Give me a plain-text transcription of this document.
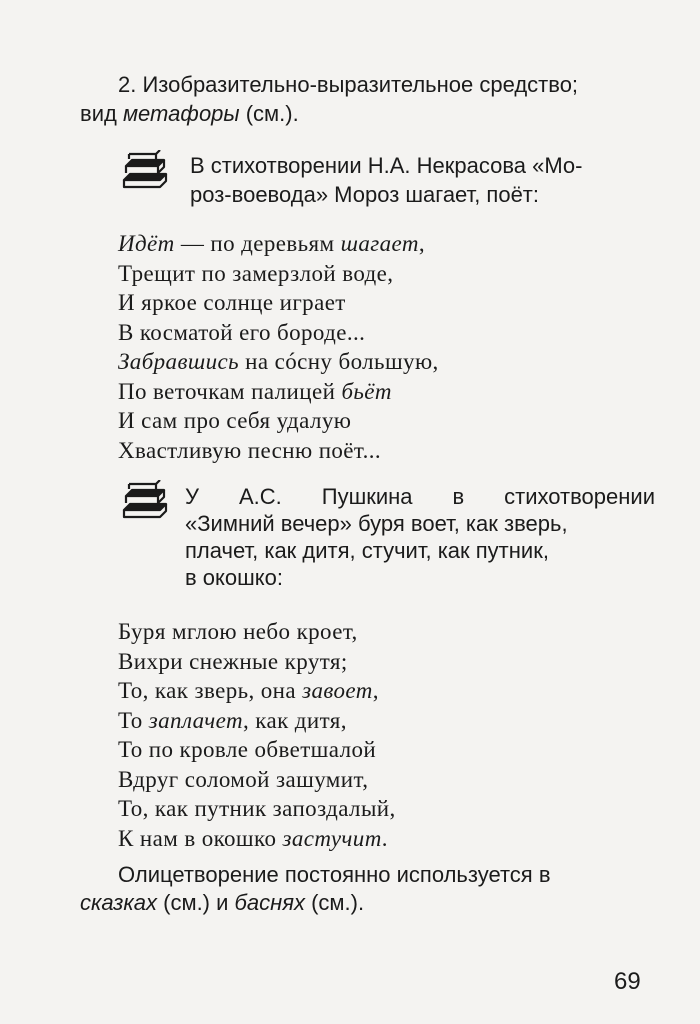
2. Изобразительно-выразительное средство;
вид метафоры (см.).
В стихотворении Н.А. Некрасова «Мо-
роз-воевода» Мороз шагает, поёт:
Идёт — по деревьям шагает,
Трещит по замерзлой воде,
И яркое солнце играет
В косматой его бороде...
Забравшись на сóсну большую,
По веточкам палицей бьёт
И сам про себя удалую
Хвастливую песню поёт...
У А.С. Пушкина в стихотворении
«Зимний вечер» буря воет, как зверь,
плачет, как дитя, стучит, как путник,
в окошко:
Буря мглою небо кроет,
Вихри снежные крутя;
То, как зверь, она завоет,
То заплачет, как дитя,
То по кровле обветшалой
Вдруг соломой зашумит,
То, как путник запоздалый,
К нам в окошко застучит.
Олицетворение постоянно используется в
сказках (см.) и баснях (см.).
69
